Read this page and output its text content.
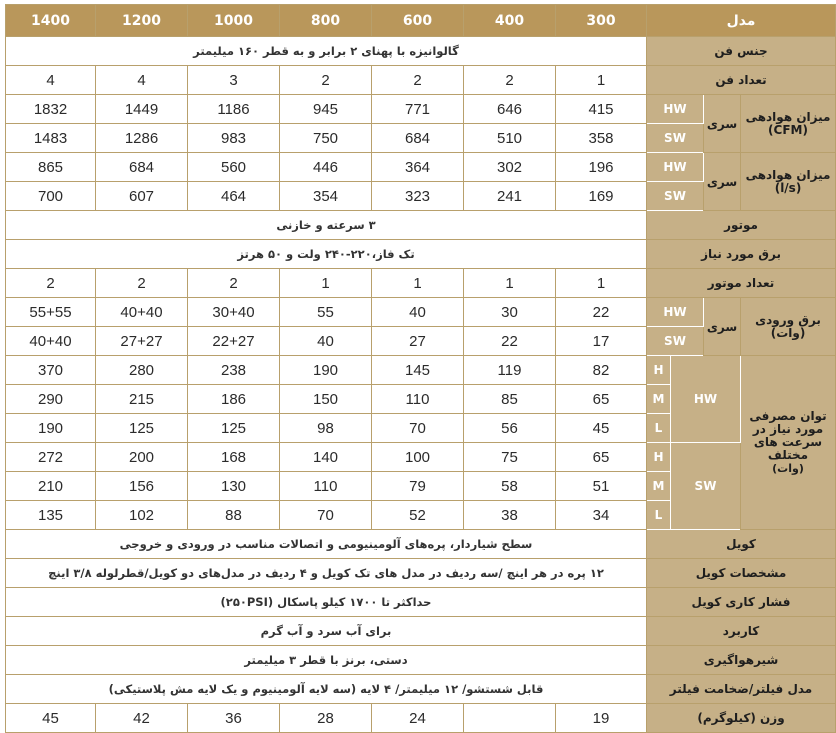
1400	1200	1000	800	600	400	300	مدل			
گالوانیزه با پهنای ۲ برابر و به قطر ۱۶۰ میلیمتر							جنس فن			
4	4	3	2	2	2	1	تعداد فن			
1832	1449	1186	945	771	646	415	HW		سری	میزان هوادهی (CFM)
1483	1286	983	750	684	510	358	SW			
865	684	560	446	364	302	196	HW		سری	میزان هوادهی (l/s)
700	607	464	354	323	241	169	SW			
۳ سرعته و خازنی							موتور			
تک فاز،۲۲۰-۲۴۰ ولت و ۵۰ هرتز							برق مورد نیاز			
2	2	2	1	1	1	1	تعداد موتور			
55+55	40+40	30+40	55	40	30	22	HW		سری	برق ورودی (وات)
40+40	27+27	22+27	40	27	22	17	SW			
370	280	238	190	145	119	82	H	HW		توان مصرفی مورد نیاز در سرعت های مختلف
(وات)
290	215	186	150	110	85	65	M			
190	125	125	98	70	56	45	L			
272	200	168	140	100	75	65	H	SW		
210	156	130	110	79	58	51	M			
135	102	88	70	52	38	34	L			
سطح شیاردار، پره‌های آلومینیومی و اتصالات مناسب در ورودی و خروجی							کویل			
۱۲ پره در هر اینچ /سه ردیف در مدل های تک کویل و ۴ ردیف در مدل‌های دو کویل/قطرلوله ۳/۸ اینچ							مشخصات کویل			
حداکثر تا ۱۷۰۰ کیلو پاسکال (۲۵۰PSI)							فشار کاری کویل			
برای آب سرد و آب گرم							کاربرد			
دستی، برنز با قطر ۳ میلیمتر							شیرهواگیری			
قابل شستشو/ ۱۲ میلیمتر/ ۴ لایه (سه لایه آلومینیوم و یک لایه مش پلاستیکی)							مدل فیلتر/ضخامت فیلتر			
45	42	36	28	24		19	وزن (کیلوگرم)			
